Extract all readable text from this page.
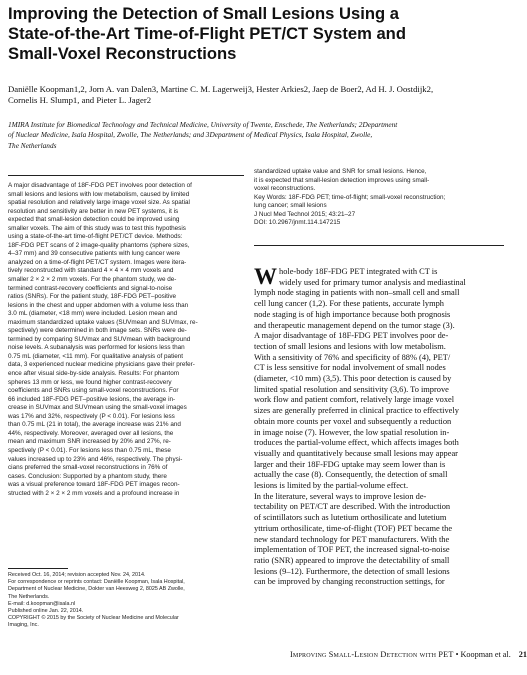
Improving the Detection of Small Lesions Using a
State-of-the-Art Time-of-Flight PET/CT System and
Small-Voxel Reconstructions
Daniëlle Koopman1,2, Jorn A. van Dalen3, Martine C. M. Lagerweij3, Hester Arkies2, Jaep de Boer2, Ad H. J. Oostdijk2,
Cornelis H. Slump1, and Pieter L. Jager2
1MIRA Institute for Biomedical Technology and Technical Medicine, University of Twente, Enschede, The Netherlands; 2Department
of Nuclear Medicine, Isala Hospital, Zwolle, The Netherlands; and 3Department of Medical Physics, Isala Hospital, Zwolle,
The Netherlands
A major disadvantage of 18F-FDG PET involves poor detection of
small lesions and lesions with low metabolism, caused by limited
spatial resolution and relatively large image voxel size. As spatial
resolution and sensitivity are better in new PET systems, it is
expected that small-lesion detection could be improved using
smaller voxels. The aim of this study was to test this hypothesis
using a state-of-the-art time-of-flight PET/CT device. Methods:
18F-FDG PET scans of 2 image-quality phantoms (sphere sizes,
4–37 mm) and 39 consecutive patients with lung cancer were
analyzed on a time-of-flight PET/CT system. Images were itera-
tively reconstructed with standard 4 × 4 × 4 mm voxels and
smaller 2 × 2 × 2 mm voxels. For the phantom study, we de-
termined contrast-recovery coefficients and signal-to-noise
ratios (SNRs). For the patient study, 18F-FDG PET–positive
lesions in the chest and upper abdomen with a volume less than
3.0 mL (diameter, <18 mm) were included. Lesion mean and
maximum standardized uptake values (SUVmean and SUVmax, re-
spectively) were determined in both image sets. SNRs were de-
termined by comparing SUVmax and SUVmean with background
noise levels. A subanalysis was performed for lesions less than
0.75 mL (diameter, <11 mm). For qualitative analysis of patient
data, 3 experienced nuclear medicine physicians gave their prefer-
ence after visual side-by-side analysis. Results: For phantom
spheres 13 mm or less, we found higher contrast-recovery
coefficients and SNRs using small-voxel reconstructions. For
66 included 18F-FDG PET–positive lesions, the average in-
crease in SUVmax and SUVmean using the small-voxel images
was 17% and 32%, respectively (P < 0.01). For lesions less
than 0.75 mL (21 in total), the average increase was 21% and
44%, respectively. Moreover, averaged over all lesions, the
mean and maximum SNR increased by 20% and 27%, re-
spectively (P < 0.01). For lesions less than 0.75 mL, these
values increased up to 23% and 46%, respectively. The physi-
cians preferred the small-voxel reconstructions in 76% of
cases. Conclusion: Supported by a phantom study, there
was a visual preference toward 18F-FDG PET images recon-
structed with 2 × 2 × 2 mm voxels and a profound increase in
standardized uptake value and SNR for small lesions. Hence,
it is expected that small-lesion detection improves using small-
voxel reconstructions.
Key Words: 18F-FDG PET; time-of-flight; small-voxel reconstruction;
lung cancer; small lesions
J Nucl Med Technol 2015; 43:21–27
DOI: 10.2967/jnmt.114.147215
W hole-body 18F-FDG PET integrated with CT is
widely used for primary tumor analysis and mediastinal
lymph node staging in patients with non–small cell and small
cell lung cancer (1,2). For these patients, accurate lymph
node staging is of high importance because both prognosis
and therapeutic management depend on the tumor stage (3).
A major disadvantage of 18F-FDG PET involves poor de-
tection of small lesions and lesions with low metabolism.
With a sensitivity of 76% and specificity of 88% (4), PET/
CT is less sensitive for nodal involvement of small nodes
(diameter, <10 mm) (3,5). This poor detection is caused by
limited spatial resolution and sensitivity (3,6). To improve
work flow and patient comfort, relatively large image voxel
sizes are generally preferred in clinical practice to effectively
obtain more counts per voxel and subsequently a reduction
in image noise (7). However, the low spatial resolution in-
troduces the partial-volume effect, which affects images both
visually and quantitatively because small lesions may appear
larger and their 18F-FDG uptake may seem lower than is
actually the case (8). Consequently, the detection of small
lesions is limited by the partial-volume effect.
In the literature, several ways to improve lesion de-
tectability on PET/CT are described. With the introduction
of scintillators such as lutetium orthosilicate and lutetium
yttrium orthosilicate, time-of-flight (TOF) PET became the
new standard technology for PET manufacturers. With the
implementation of TOF PET, the increased signal-to-noise
ratio (SNR) appeared to improve the detectability of small
lesions (9–12). Furthermore, the detection of small lesions
can be improved by changing reconstruction settings, for
Received Oct. 16, 2014; revision accepted Nov. 24, 2014.
For correspondence or reprints contact: Daniëlle Koopman, Isala Hospital,
Department of Nuclear Medicine, Dokter van Heesweg 2, 8025 AB Zwolle,
The Netherlands.
E-mail: d.koopman@isala.nl
Published online Jan. 22, 2014.
COPYRIGHT © 2015 by the Society of Nuclear Medicine and Molecular
Imaging, Inc.
Improving Small-Lesion Detection with PET • Koopman et al. 21
